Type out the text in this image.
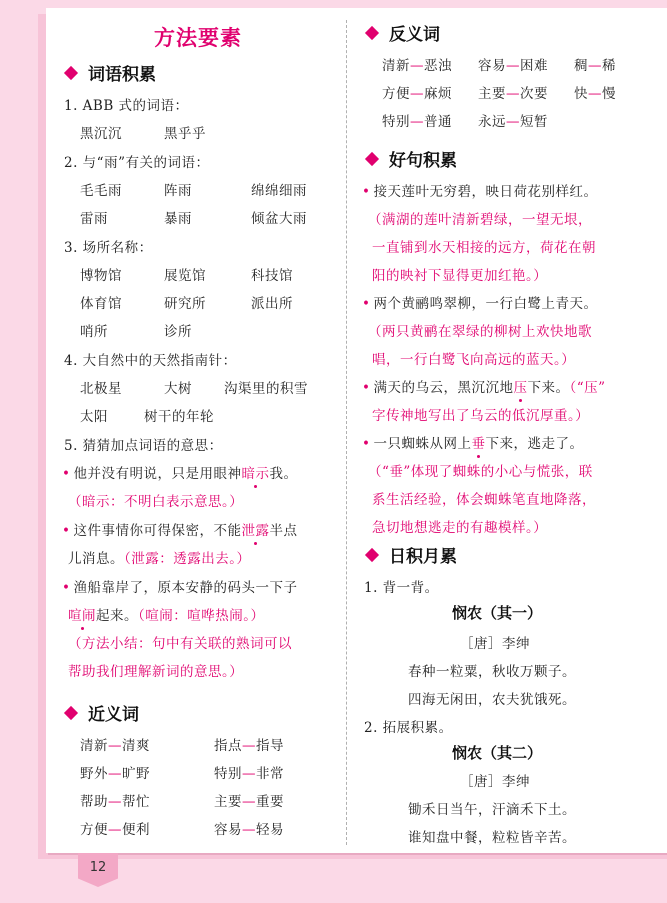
方法要素
词语积累
1. ABB 式的词语：
黑沉沉	黑乎乎
2. 与“雨”有关的词语：
毛毛雨	阵雨	绵绵细雨
雷雨	暴雨	倾盆大雨
3. 场所名称：
博物馆	展览馆	科技馆
体育馆	研究所	派出所
哨所	诊所
4. 大自然中的天然指南针：
北极星	大树 沟渠里的积雪
太阳	树干的年轮
5. 猜猜加点词语的意思：
• 他并没有明说，只是用眼神暗示我。
（暗示：不明白表示意思。）
• 这件事情你可得保密，不能泄露半点
儿消息。（泄露：透露出去。）
• 渔船靠岸了，原本安静的码头一下子
喧闹起来。（喧闹：喧哗热闹。）
（方法小结：句中有关联的熟词可以
帮助我们理解新词的意思。）
近义词
清新—清爽	指点—指导
野外—旷野	特别—非常
帮助—帮忙	主要—重要
方便—便利	容易—轻易
反义词
清新—恶浊 容易—困难 稠—稀
方便—麻烦 主要—次要 快—慢
特别—普通 永远—短暂
好句积累
• 接天莲叶无穷碧，映日荷花别样红。
（满湖的莲叶清新碧绿，一望无垠，
一直铺到水天相接的远方，荷花在朝
阳的映衬下显得更加红艳。）
• 两个黄鹂鸣翠柳，一行白鹭上青天。
（两只黄鹂在翠绿的柳树上欢快地歌
唱，一行白鹭飞向高远的蓝天。）
• 满天的乌云，黑沉沉地压下来。（“压”
字传神地写出了乌云的低沉厚重。）
• 一只蜘蛛从网上垂下来，逃走了。
（“垂”体现了蜘蛛的小心与慌张，联
系生活经验，体会蜘蛛笔直地降落，
急切地想逃走的有趣模样。）
日积月累
1. 背一背。
悯农（其一）
［唐］李绅
春种一粒粟，秋收万颗子。
四海无闲田，农夫犹饿死。
2. 拓展积累。
悯农（其二）
［唐］李绅
锄禾日当午，汗滴禾下土。
谁知盘中餐，粒粒皆辛苦。
12
